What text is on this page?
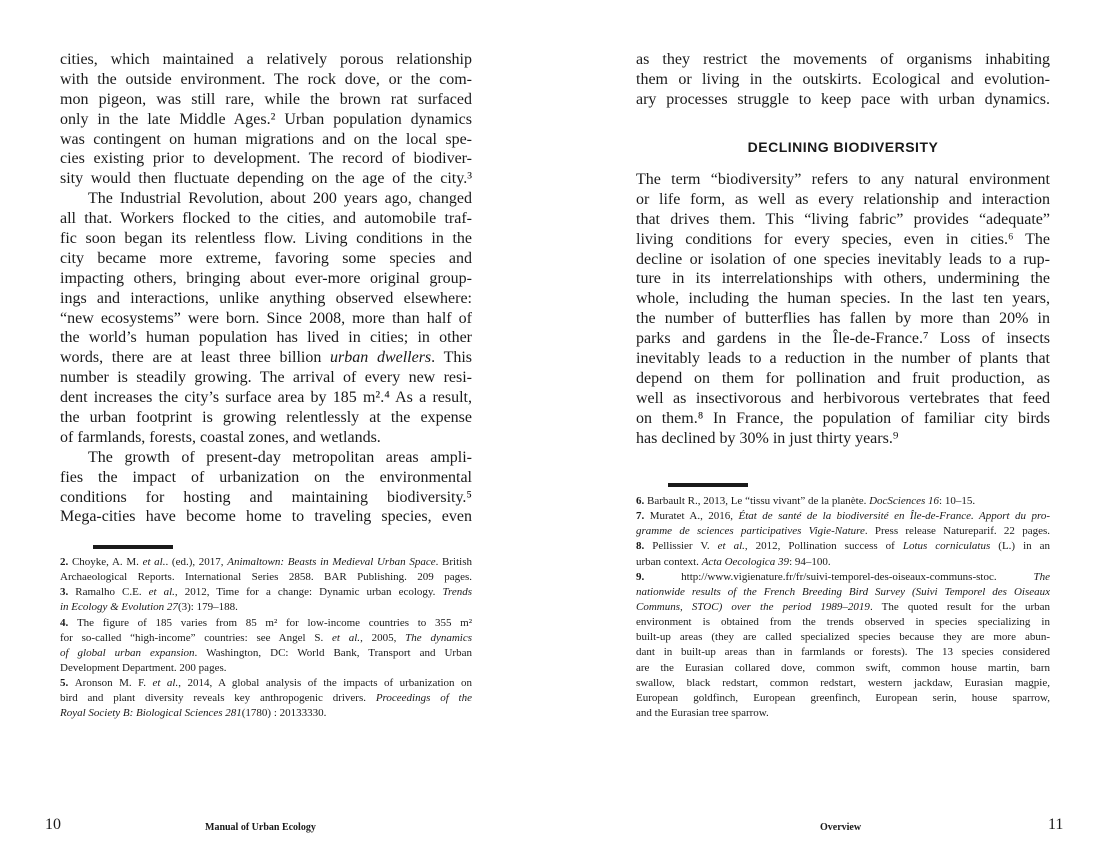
cities, which maintained a relatively porous relationship
with the outside environment. The rock dove, or the com-
mon pigeon, was still rare, while the brown rat surfaced
only in the late Middle Ages.² Urban population dynamics
was contingent on human migrations and on the local spe-
cies existing prior to development. The record of biodiver-
sity would then fluctuate depending on the age of the city.³
The Industrial Revolution, about 200 years ago, changed
all that. Workers flocked to the cities, and automobile traf-
fic soon began its relentless flow. Living conditions in the
city became more extreme, favoring some species and
impacting others, bringing about ever-more original group-
ings and interactions, unlike anything observed elsewhere:
“new ecosystems” were born. Since 2008, more than half of
the world’s human population has lived in cities; in other
words, there are at least three billion urban dwellers. This
number is steadily growing. The arrival of every new resi-
dent increases the city’s surface area by 185 m².⁴ As a result,
the urban footprint is growing relentlessly at the expense
of farmlands, forests, coastal zones, and wetlands.
The growth of present-day metropolitan areas ampli-
fies the impact of urbanization on the environmental
conditions for hosting and maintaining biodiversity.⁵
Mega-cities have become home to traveling species, even
2. Choyke, A. M. et al.. (ed.), 2017, Animaltown: Beasts in Medieval Urban Space. British
Archaeological Reports. International Series 2858. BAR Publishing. 209 pages.
3. Ramalho C.E. et al., 2012, Time for a change: Dynamic urban ecology. Trends
in Ecology & Evolution 27(3): 179–188.
4. The figure of 185 varies from 85 m² for low-income countries to 355 m²
for so-called “high-income” countries: see Angel S. et al., 2005, The dynamics
of global urban expansion. Washington, DC: World Bank, Transport and Urban
Development Department. 200 pages.
5. Aronson M. F. et al., 2014, A global analysis of the impacts of urbanization on
bird and plant diversity reveals key anthropogenic drivers. Proceedings of the
Royal Society B: Biological Sciences 281(1780) : 20133330.
10	Manual of Urban Ecology
as they restrict the movements of organisms inhabiting
them or living in the outskirts. Ecological and evolution-
ary processes struggle to keep pace with urban dynamics.
DECLINING BIODIVERSITY
The term “biodiversity” refers to any natural environment
or life form, as well as every relationship and interaction
that drives them. This “living fabric” provides “adequate”
living conditions for every species, even in cities.⁶ The
decline or isolation of one species inevitably leads to a rup-
ture in its interrelationships with others, undermining the
whole, including the human species. In the last ten years,
the number of butterflies has fallen by more than 20% in
parks and gardens in the Île-de-France.⁷ Loss of insects
inevitably leads to a reduction in the number of plants that
depend on them for pollination and fruit production, as
well as insectivorous and herbivorous vertebrates that feed
on them.⁸ In France, the population of familiar city birds
has declined by 30% in just thirty years.⁹
6. Barbault R., 2013, Le “tissu vivant” de la planète. DocSciences 16: 10–15.
7. Muratet A., 2016, État de santé de la biodiversité en Île-de-France. Apport du pro-
gramme de sciences participatives Vigie-Nature. Press release Natureparif. 22 pages.
8. Pellissier V. et al., 2012, Pollination success of Lotus corniculatus (L.) in an
urban context. Acta Oecologica 39: 94–100.
9. http://www.vigienature.fr/fr/suivi-temporel-des-oiseaux-communs-stoc. The
nationwide results of the French Breeding Bird Survey (Suivi Temporel des Oiseaux
Communs, STOC) over the period 1989–2019. The quoted result for the urban
environment is obtained from the trends observed in species specializing in
built-up areas (they are called specialized species because they are more abun-
dant in built-up areas than in farmlands or forests). The 13 species considered
are the Eurasian collared dove, common swift, common house martin, barn
swallow, black redstart, common redstart, western jackdaw, Eurasian magpie,
European goldfinch, European greenfinch, European serin, house sparrow,
and the Eurasian tree sparrow.
11
Overview
